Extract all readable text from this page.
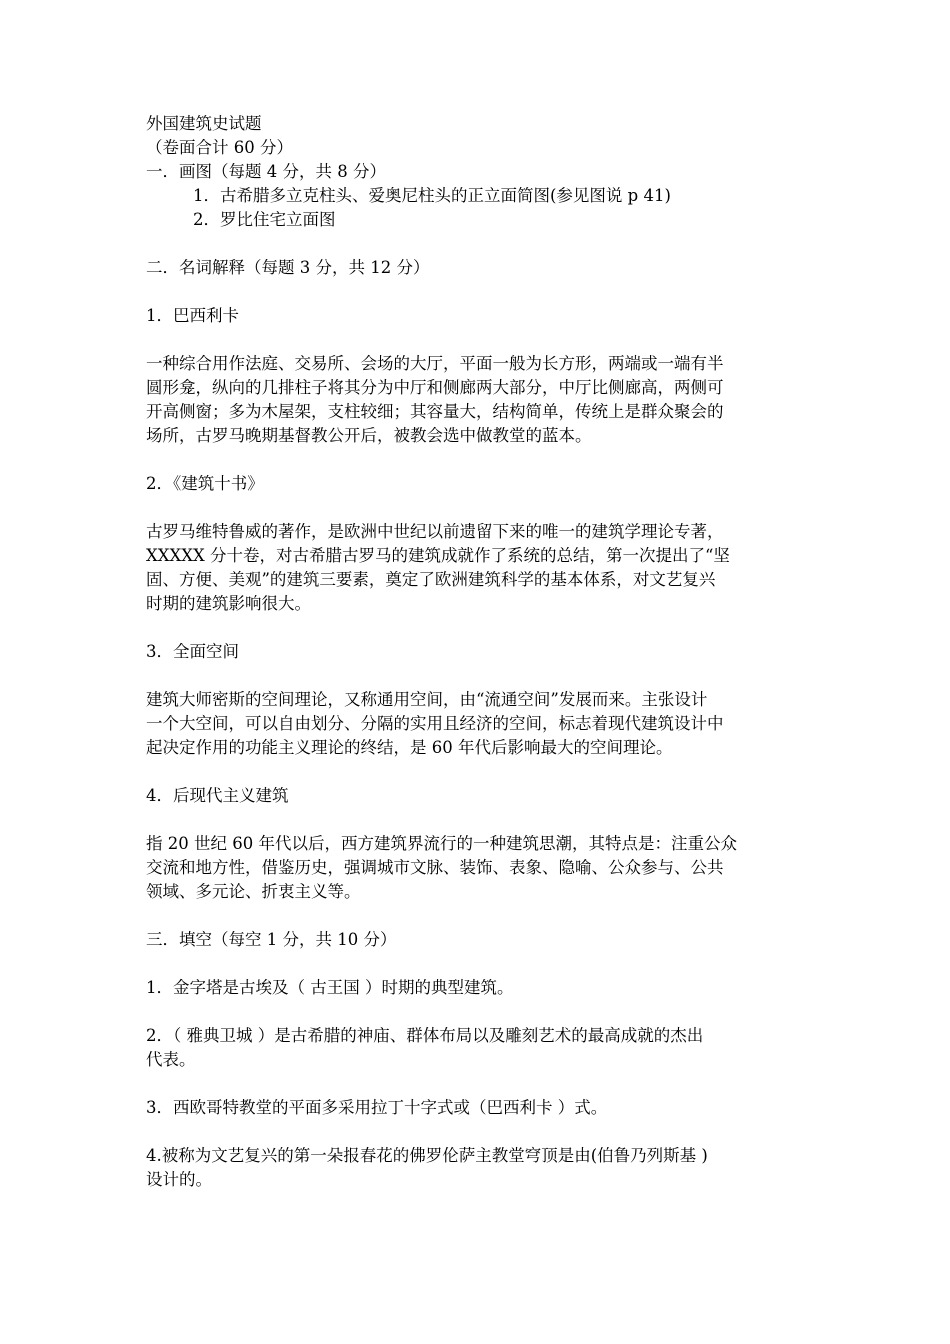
外国建筑史试题

（卷面合计 60 分）

一．画图（每题 4 分，共 8 分）

1．古希腊多立克柱头、爱奥尼柱头的正立面简图(参见图说 p 41)

2．罗比住宅立面图

二．名词解释（每题 3 分，共 12 分）

1．巴西利卡

一种综合用作法庭、交易所、会场的大厅，平面一般为长方形，两端或一端有半

圆形龛，纵向的几排柱子将其分为中厅和侧廊两大部分，中厅比侧廊高，两侧可

开高侧窗；多为木屋架，支柱较细；其容量大，结构简单，传统上是群众聚会的

场所，古罗马晚期基督教公开后，被教会选中做教堂的蓝本。

2．《建筑十书》

古罗马维特鲁威的著作，是欧洲中世纪以前遗留下来的唯一的建筑学理论专著，

XXXXX 分十卷，对古希腊古罗马的建筑成就作了系统的总结，第一次提出了“坚

固、方便、美观”的建筑三要素，奠定了欧洲建筑科学的基本体系，对文艺复兴

时期的建筑影响很大。

3．全面空间

建筑大师密斯的空间理论，又称通用空间，由“流通空间”发展而来。主张设计

一个大空间，可以自由划分、分隔的实用且经济的空间，标志着现代建筑设计中

起决定作用的功能主义理论的终结，是 60 年代后影响最大的空间理论。

4．后现代主义建筑

指 20 世纪 60 年代以后，西方建筑界流行的一种建筑思潮，其特点是：注重公众

交流和地方性，借鉴历史，强调城市文脉、装饰、表象、隐喻、公众参与、公共

领域、多元论、折衷主义等。

三．填空（每空 1 分，共 10 分）

1．金字塔是古埃及（ 古王国 ）时期的典型建筑。

2．（ 雅典卫城 ）是古希腊的神庙、群体布局以及雕刻艺术的最高成就的杰出

代表。

3．西欧哥特教堂的平面多采用拉丁十字式或（巴西利卡 ）式。

4.被称为文艺复兴的第一朵报春花的佛罗伦萨主教堂穹顶是由(伯鲁乃列斯基 )

设计的。
